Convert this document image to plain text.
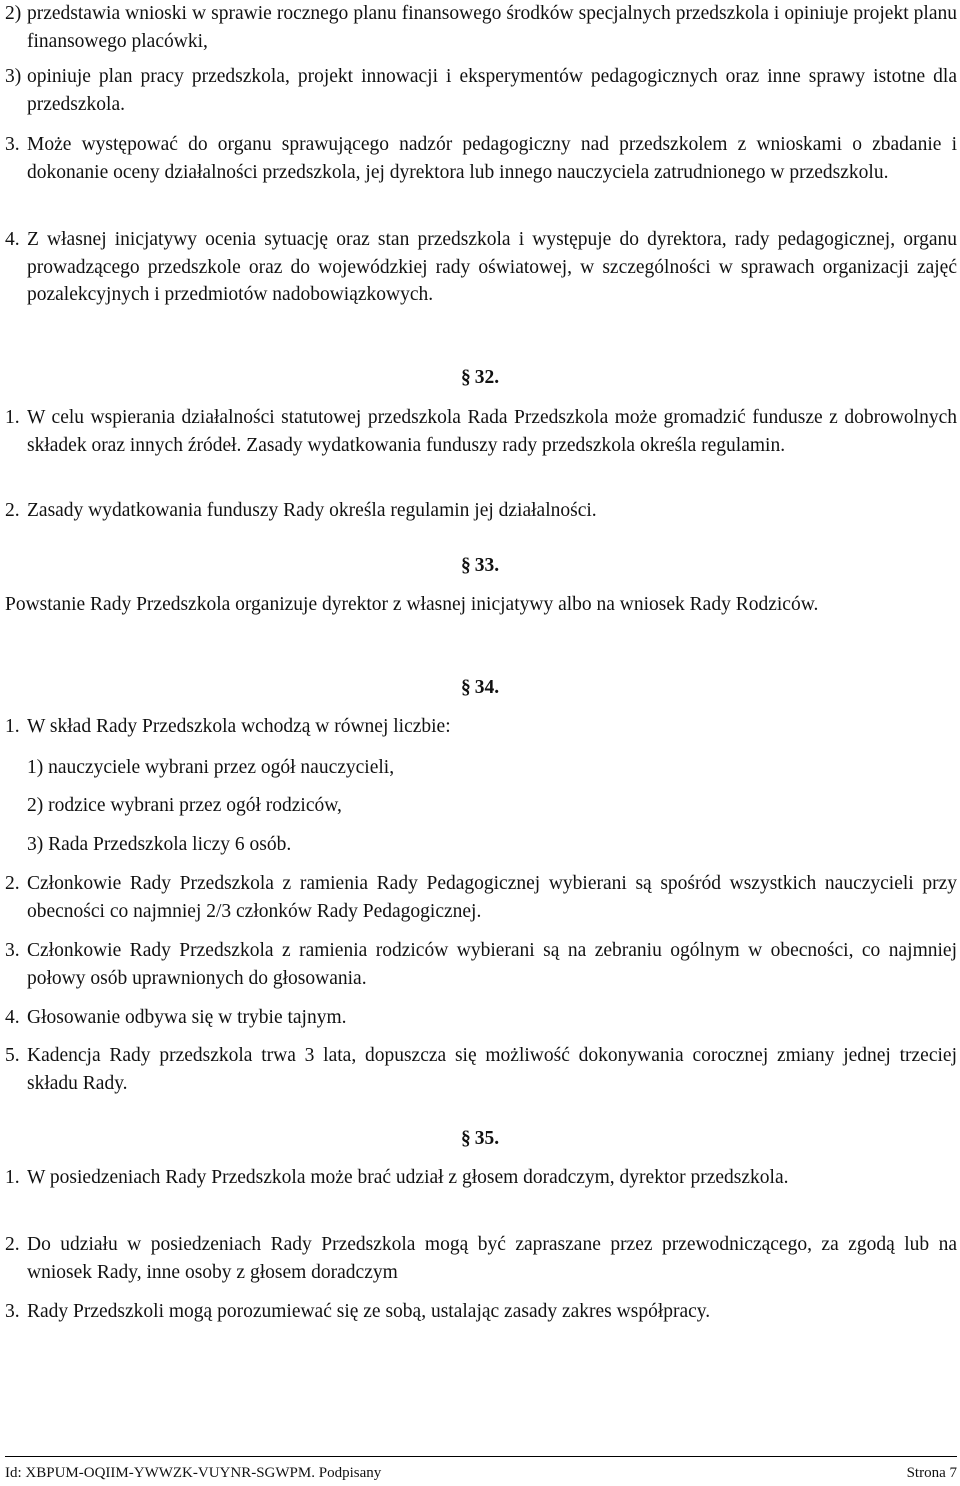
2) przedstawia wnioski w sprawie rocznego planu finansowego środków specjalnych przedszkola i opiniuje projekt planu finansowego placówki,
3) opiniuje plan pracy przedszkola, projekt innowacji i eksperymentów pedagogicznych oraz inne sprawy istotne dla przedszkola.
3. Może występować do organu sprawującego nadzór pedagogiczny nad przedszkolem z wnioskami o zbadanie i dokonanie oceny działalności przedszkola, jej dyrektora lub innego nauczyciela zatrudnionego w przedszkolu.
4. Z własnej inicjatywy ocenia sytuację oraz stan przedszkola i występuje do dyrektora, rady pedagogicznej, organu prowadzącego przedszkole oraz do wojewódzkiej rady oświatowej, w szczególności w sprawach organizacji zajęć pozalekcyjnych i przedmiotów nadobowiązkowych.
§ 32.
1. W celu wspierania działalności statutowej przedszkola Rada Przedszkola może gromadzić fundusze z dobrowolnych składek oraz innych źródeł. Zasady wydatkowania funduszy rady przedszkola określa regulamin.
2. Zasady wydatkowania funduszy Rady określa regulamin jej działalności.
§ 33.
Powstanie Rady Przedszkola organizuje dyrektor z własnej inicjatywy albo na wniosek Rady Rodziców.
§ 34.
1. W skład Rady Przedszkola wchodzą w równej liczbie:
1) nauczyciele wybrani przez ogół nauczycieli,
2) rodzice wybrani przez ogół rodziców,
3) Rada Przedszkola liczy 6 osób.
2. Członkowie Rady Przedszkola z ramienia Rady Pedagogicznej wybierani są spośród wszystkich nauczycieli przy obecności co najmniej 2/3 członków Rady Pedagogicznej.
3. Członkowie Rady Przedszkola z ramienia rodziców wybierani są na zebraniu ogólnym w obecności, co najmniej połowy osób uprawnionych do głosowania.
4. Głosowanie odbywa się w trybie tajnym.
5. Kadencja Rady przedszkola trwa 3 lata, dopuszcza się możliwość dokonywania corocznej zmiany jednej trzeciej składu Rady.
§ 35.
1. W posiedzeniach Rady Przedszkola może brać udział z głosem doradczym, dyrektor przedszkola.
2. Do udziału w posiedzeniach Rady Przedszkola mogą być zapraszane przez przewodniczącego, za zgodą lub na wniosek Rady, inne osoby z głosem doradczym
3. Rady Przedszkoli mogą porozumiewać się ze sobą, ustalając zasady zakres współpracy.
Id: XBPUM-OQIIM-YWWZK-VUYNR-SGWPM. Podpisany	Strona 7
